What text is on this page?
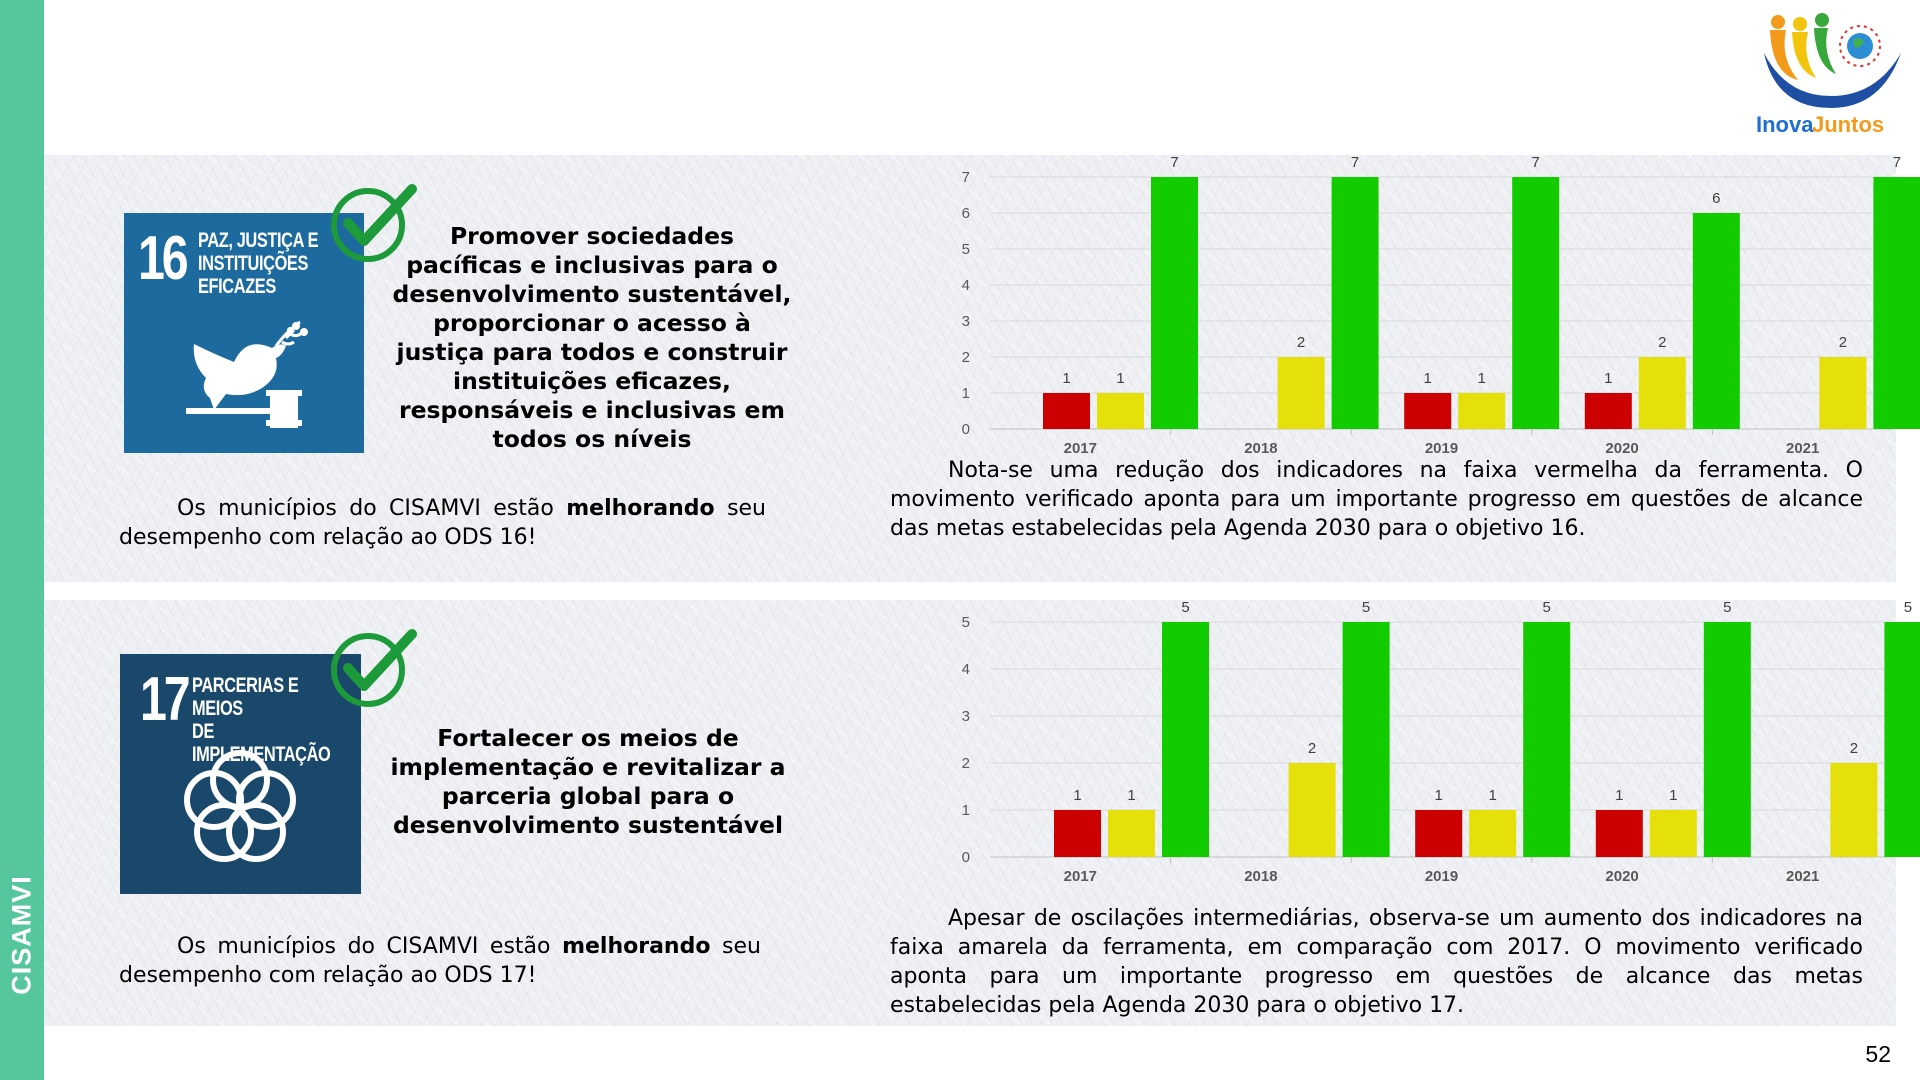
CISAMVI
Inova
Juntos
16 PAZ, JUSTIÇA E
INSTITUIÇÕES
EFICAZES
Promover sociedades
pacíficas e inclusivas para o
desenvolvimento sustentável,
proporcionar o acesso à
justiça para todos e construir
instituições eficazes,
responsáveis e inclusivas em
todos os níveis
Os municípios do CISAMVI estão melhorando seu desempenho com relação ao ODS 16!
0
1
2
3
4
5
6
7
2017
1	1
7
2018
2
7
2019
1	1
7
2020
1
2
6
2021
2
7
Nota-se uma redução dos indicadores na faixa vermelha da ferramenta. O movimento verificado aponta para um importante progresso em questões de alcance das metas estabelecidas pela Agenda 2030 para o objetivo 16.
17 PARCERIAS E MEIOS
DE IMPLEMENTAÇÃO
Fortalecer os meios de
implementação e revitalizar a
parceria global para o
desenvolvimento sustentável
Os municípios do CISAMVI estão melhorando seu desempenho com relação ao ODS 17!
0
1
2
3
4
5
2017
1	1
5
2018
2
5
2019
1	1
5
2020
1	1
5
2021
2
5
Apesar de oscilações intermediárias, observa-se um aumento dos indicadores na faixa amarela da ferramenta, em comparação com 2017. O movimento verificado aponta para um importante progresso em questões de alcance das metas estabelecidas pela Agenda 2030 para o objetivo 17.
52
